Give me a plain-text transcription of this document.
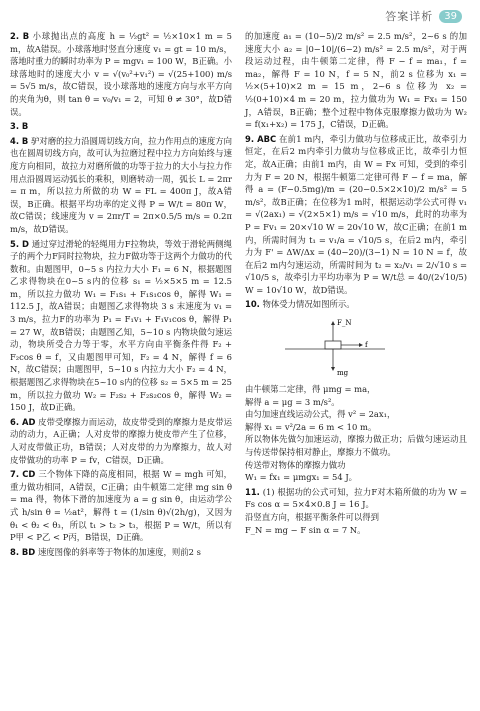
答案详析	39
2. B 小球抛出点的高度 h = ½gt² = ½×10×1 m = 5 m，故A错误。小球落地时竖直分速度 v₁ = gt = 10 m/s，落地时重力的瞬时功率为 P = mgv₁ = 100 W，B正确。小球落地时的速度大小 v = √(v₀²+v₁²) = √(25+100) m/s = 5√5 m/s，故C错误，设小球落地的速度方向与水平方向的夹角为θ，则 tan θ = v₀/v₁ = 2，可知 θ ≠ 30°，故D错误。
3. B
4. B 驴对磨的拉力沿圆周切线方向，拉力作用点的速度方向也在圆周切线方向，故可认为拉磨过程中拉力方向始终与速度方向相同，故拉力对磨所做的功等于拉力的大小与拉力作用点沿圆周运动弧长的乘积，则磨转动一周，弧长 L = 2πr = π m，所以拉力所做的功 W = FL = 400π J，故A错误，B正确。根据平均功率的定义得 P = W/t = 80π W，故C错误；线速度为 v = 2πr/T = 2π×0.5/5 m/s = 0.2π m/s，故D错误。
5. D 通过穿过滑轮的轻绳用力F拉物块，等效于滑轮两侧绳子的两个力F同时拉物块，拉力F做功等于这两个力做功的代数和。由题图甲，0~5 s 内拉力大小 F₁ = 6 N，根据题图乙求得物块在0~5 s内的位移 s₁ = ½×5×5 m = 12.5 m，所以拉力做功 W₁ = F₁s₁ + F₁s₁cos θ，解得 W₁ = 112.5 J，故A错误；由题图乙求得物块 3 s 末速度为 v₁ = 3 m/s，拉力F的功率为 P₁ = F₁v₁ + F₁v₁cos θ，解得 P₁ = 27 W，故B错误；由题图乙知，5~10 s 内物块做匀速运动，物块所受合力等于零，水平方向由平衡条件得 F₂ + F₂cos θ = f，又由题图甲可知，F₂ = 4 N，解得 f = 6 N，故C错误；由题图甲，5~10 s 内拉力大小 F₂ = 4 N，根据题图乙求得物块在5~10 s内的位移 s₂ = 5×5 m = 25 m，所以拉力做功 W₂ = F₂s₂ + F₂s₂cos θ，解得 W₂ = 150 J，故D正确。
6. AD 皮带受摩擦力而运动，故皮带受到的摩擦力是皮带运动的动力，A正确；人对皮带的摩擦力使皮带产生了位移，人对皮带做正功，B错误；人对皮带的力为摩擦力，故人对皮带做功的功率 P = fv，C错误，D正确。
7. CD 三个物体下降的高度相同，根据 W = mgh 可知，重力做功相同，A错误，C正确；由牛顿第二定律 mg sin θ = ma 得，物体下滑的加速度为 a = g sin θ，由运动学公式 h/sin θ = ½at²，解得 t = (1/sin θ)√(2h/g)，又因为 θ₁ < θ₂ < θ₃，所以 t₁ > t₂ > t₃，根据 P = W/t，所以有 P甲 < P乙 < P丙，B错误，D正确。
8. BD 速度图像的斜率等于物体的加速度，则前2 s
的加速度 a₁ = (10−5)/2 m/s² = 2.5 m/s²，2~6 s 的加速度大小 a₂ = |0−10|/(6−2) m/s² = 2.5 m/s²，对于两段运动过程，由牛顿第二定律，得 F − f = ma₁，f = ma₂，解得 F = 10 N，f = 5 N，前2 s 位移为 x₁ = ½×(5+10)×2 m = 15 m，2~6 s 位移为 x₂ = ½(0+10)×4 m = 20 m，拉力做功为 W₁ = Fx₁ = 150 J，A错误，B正确；整个过程中物体克服摩擦力做功为 W₂ = f(x₁+x₂) = 175 J，C错误，D正确。
9. ABC 在前1 m内，牵引力做功与位移成正比，故牵引力恒定，在后2 m内牵引力做功与位移成正比，故牵引力恒定，故A正确；由前1 m内，由 W = Fx 可知，受到的牵引力为 F = 20 N，根据牛顿第二定律可得 F − f = ma，解得 a = (F−0.5mg)/m = (20−0.5×2×10)/2 m/s² = 5 m/s²，故B正确；在位移为1 m时，根据运动学公式可得 v₁ = √(2ax₁) = √(2×5×1) m/s = √10 m/s，此时的功率为 P = Fv₁ = 20×√10 W = 20√10 W，故C正确；在前1 m内，所需时间为 t₁ = v₁/a = √10/5 s，在后2 m内，牵引力为 F' = ΔW/Δx = (40−20)/(3−1) N = 10 N = f，故在后2 m内匀速运动，所需时间为 t₂ = x₂/v₁ = 2/√10 s = √10/5 s，故牵引力平均功率为 P = W/t总 = 40/(2√10/5) W = 10√10 W，故D错误。
10. 物体受力情况如图所示。
F_N
f
mg
由牛顿第二定律，得 μmg = ma，
解得 a = μg = 3 m/s²。
由匀加速直线运动公式，得 v² = 2ax₁，
解得 x₁ = v²/2a = 6 m < 10 m。
所以物体先做匀加速运动，摩擦力做正功；后做匀速运动且与传送带保持相对静止，摩擦力不做功。
传送带对物体的摩擦力做功
W₁ = fx₁ = μmgx₁ = 54 J。
11. (1) 根据功的公式可知，拉力F对木箱所做的功为 W = Fs cos α = 5×4×0.8 J = 16 J。
沿竖直方向，根据平衡条件可以得到
F_N = mg − F sin α = 7 N。
